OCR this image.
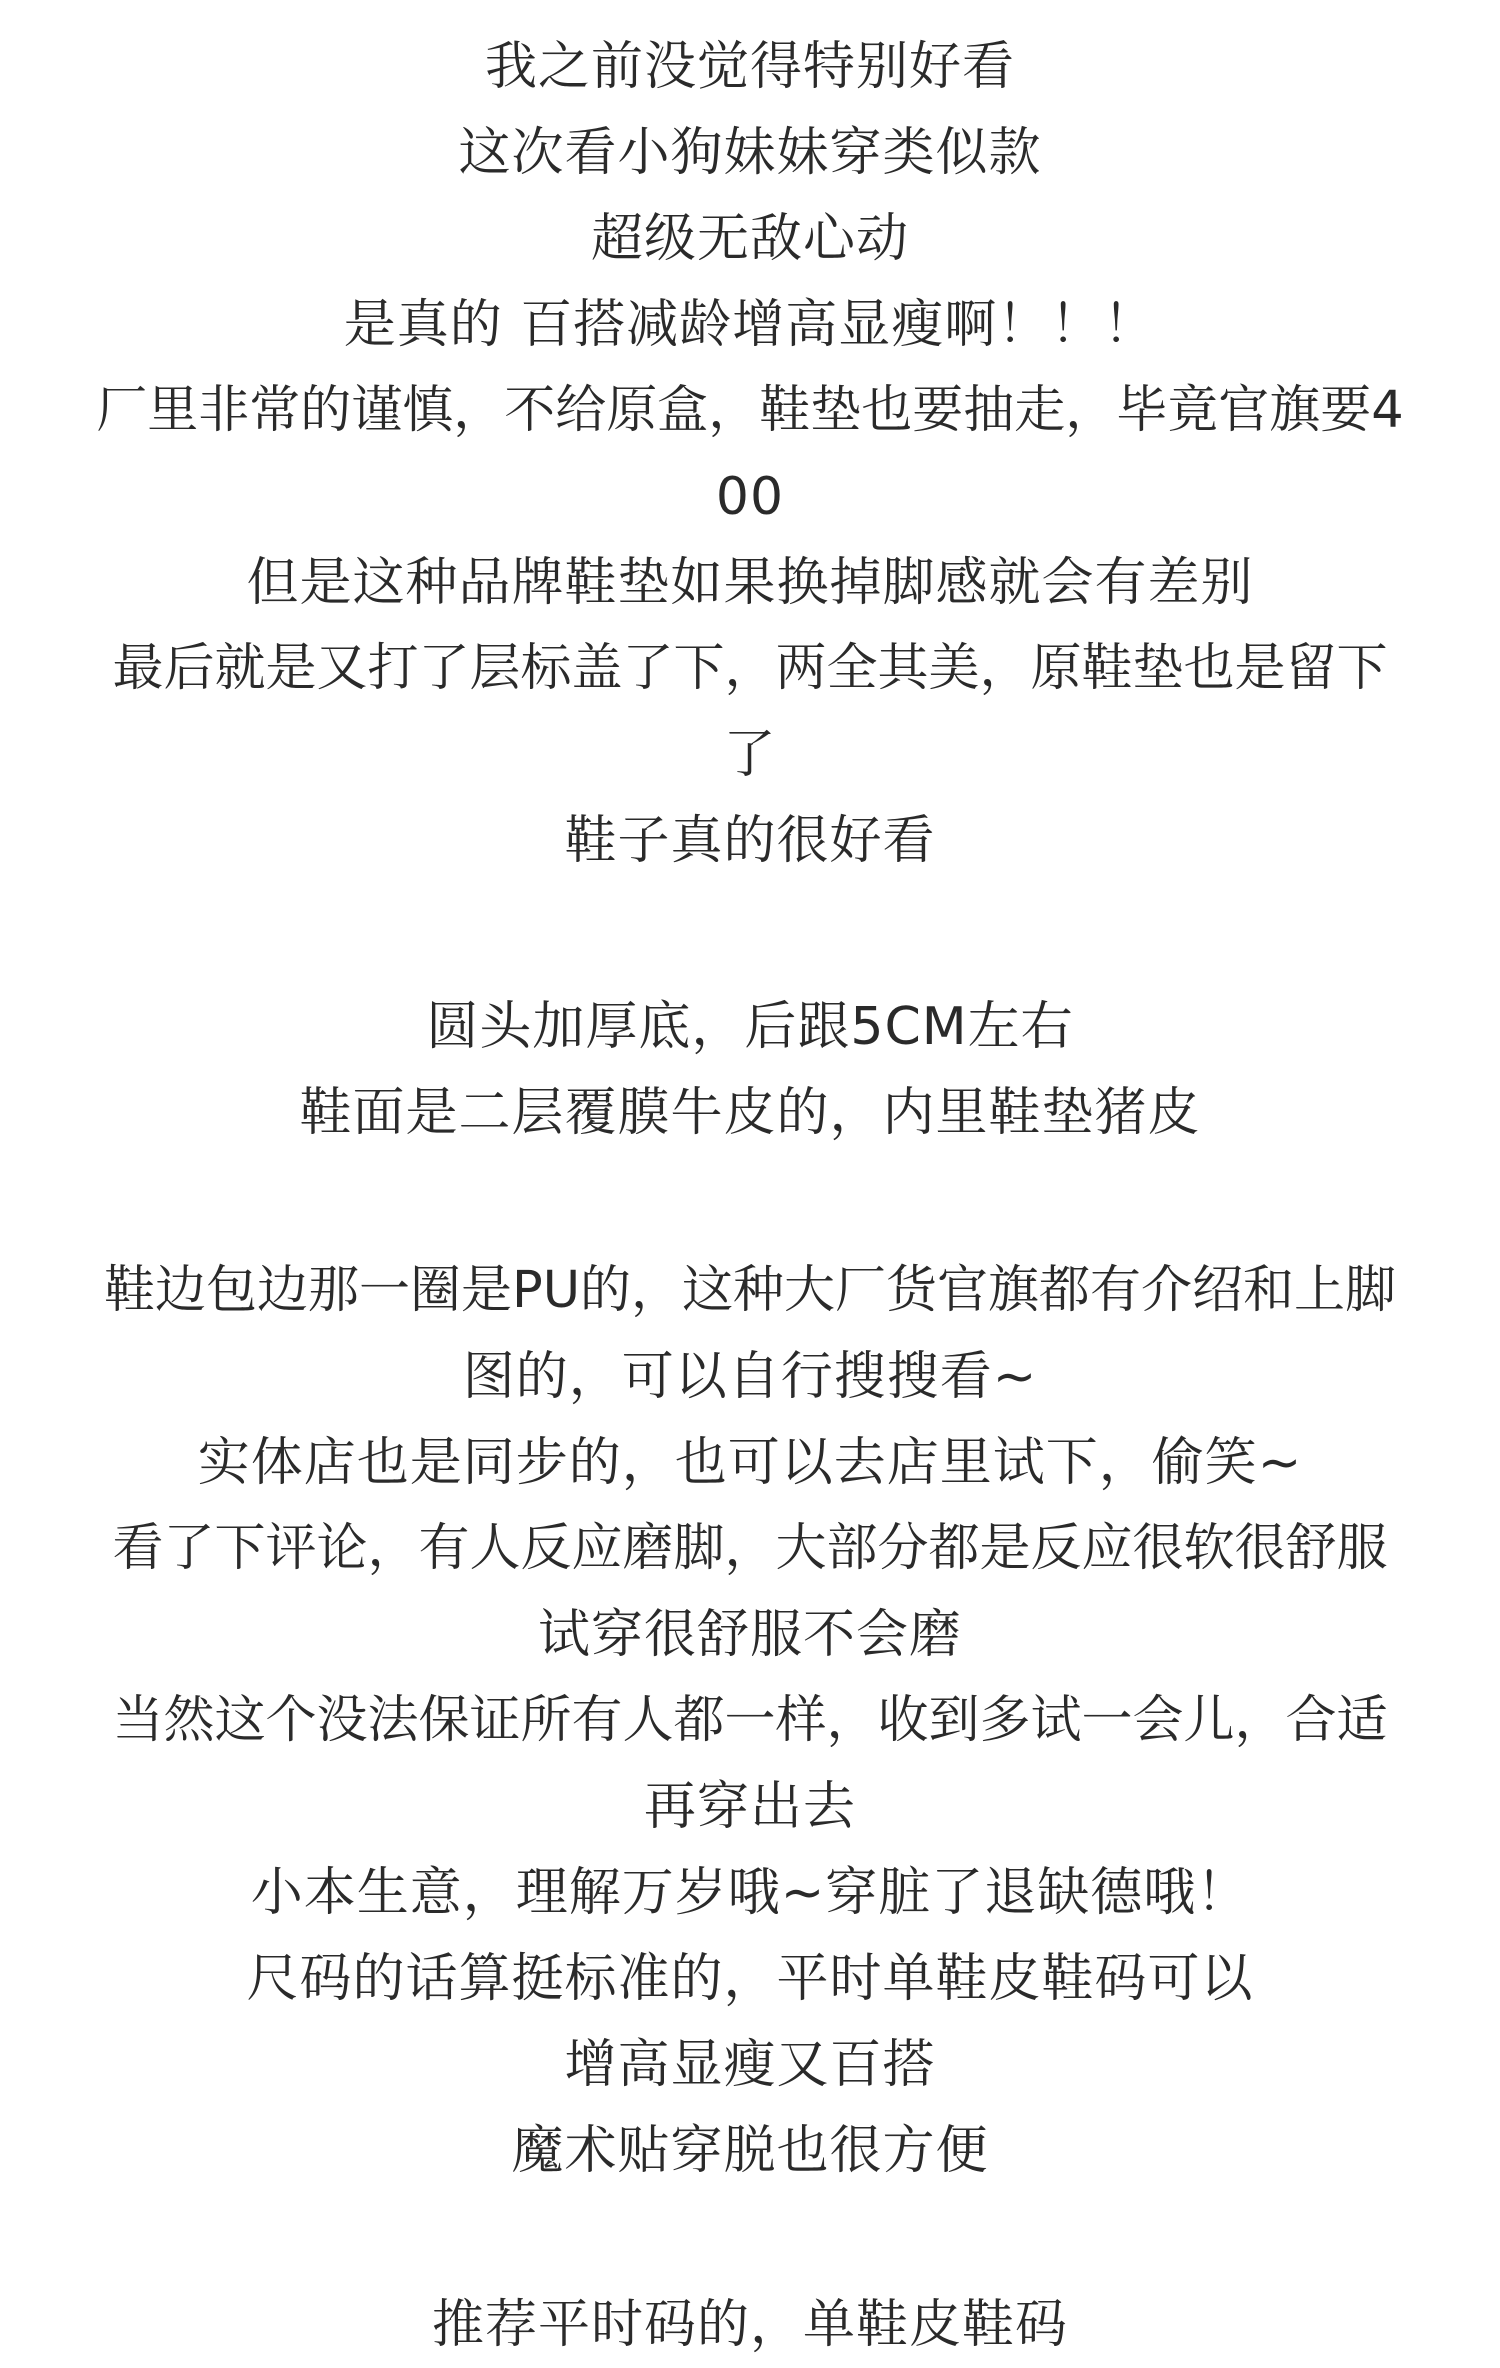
我之前没觉得特别好看
这次看小狗妹妹穿类似款
超级无敌心动
是真的 百搭减龄增高显瘦啊！！！
厂里非常的谨慎，不给原盒，鞋垫也要抽走，毕竟官旗要4
00
但是这种品牌鞋垫如果换掉脚感就会有差别
最后就是又打了层标盖了下，两全其美，原鞋垫也是留下
了
鞋子真的很好看
圆头加厚底，后跟5CM左右
鞋面是二层覆膜牛皮的，内里鞋垫猪皮
鞋边包边那一圈是PU的，这种大厂货官旗都有介绍和上脚
图的，可以自行搜搜看~
实体店也是同步的，也可以去店里试下，偷笑~
看了下评论，有人反应磨脚，大部分都是反应很软很舒服
试穿很舒服不会磨
当然这个没法保证所有人都一样，收到多试一会儿，合适
再穿出去
小本生意，理解万岁哦~穿脏了退缺德哦！
尺码的话算挺标准的，平时单鞋皮鞋码可以
增高显瘦又百搭
魔术贴穿脱也很方便
推荐平时码的，单鞋皮鞋码
